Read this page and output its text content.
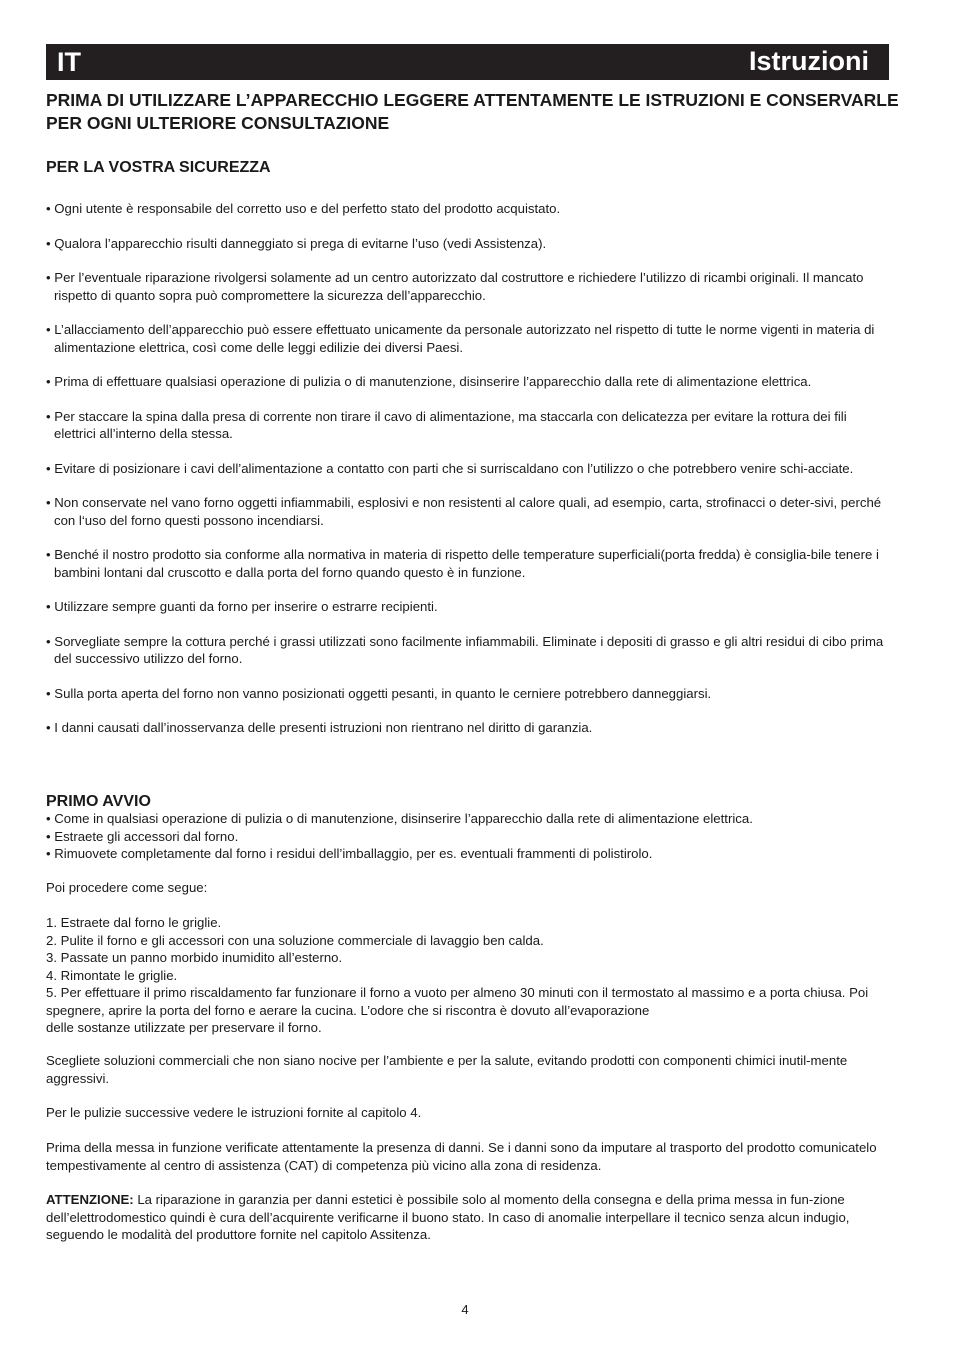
IT	Istruzioni
PRIMA DI UTILIZZARE L’APPARECCHIO LEGGERE ATTENTAMENTE LE ISTRUZIONI E CONSERVARLE PER OGNI ULTERIORE CONSULTAZIONE
PER LA VOSTRA SICUREZZA
• Ogni utente è responsabile del corretto uso e del perfetto stato del prodotto acquistato.
• Qualora l’apparecchio risulti danneggiato si prega di evitarne l’uso (vedi Assistenza).
• Per l’eventuale riparazione rivolgersi solamente ad un centro autorizzato dal costruttore e richiedere l’utilizzo di ricambi originali. Il mancato rispetto di quanto sopra può compromettere la sicurezza dell’apparecchio.
• L’allacciamento dell’apparecchio può essere effettuato unicamente da personale autorizzato nel rispetto di tutte le norme vigenti in materia di alimentazione elettrica, così come delle leggi edilizie dei diversi Paesi.
• Prima di effettuare qualsiasi operazione di pulizia o di manutenzione, disinserire l’apparecchio dalla rete di alimentazione elettrica.
• Per staccare la spina dalla presa di corrente non tirare il cavo di alimentazione, ma staccarla con delicatezza per evitare la rottura dei fili elettrici all’interno della stessa.
• Evitare di posizionare i cavi dell’alimentazione a contatto con parti che si surriscaldano con l’utilizzo o che potrebbero venire schi-acciate.
• Non conservate nel vano forno oggetti infiammabili, esplosivi e non resistenti al calore quali, ad esempio, carta, strofinacci o deter-sivi, perché con l‘uso del forno questi possono incendiarsi.
• Benché il nostro prodotto sia conforme alla normativa in materia di rispetto delle temperature superficiali(porta fredda) è consiglia-bile tenere i bambini lontani dal cruscotto e dalla porta del forno quando questo è in funzione.
• Utilizzare sempre guanti da forno per inserire o estrarre recipienti.
• Sorvegliate sempre la cottura perché i grassi utilizzati sono facilmente infiammabili. Eliminate i depositi di grasso e gli altri residui di cibo prima del successivo utilizzo del forno.
• Sulla porta aperta del forno non vanno posizionati oggetti pesanti, in quanto le cerniere potrebbero danneggiarsi.
• I danni causati dall’inosservanza delle presenti istruzioni non rientrano nel diritto di garanzia.
PRIMO AVVIO
• Come in qualsiasi operazione di pulizia o di manutenzione, disinserire l’apparecchio dalla rete di alimentazione elettrica.
• Estraete gli accessori dal forno.
• Rimuovete completamente dal forno i residui dell’imballaggio, per es. eventuali frammenti di polistirolo.
Poi procedere come segue:
1. Estraete dal forno le griglie.
2. Pulite il forno e gli accessori con una soluzione commerciale di lavaggio ben calda.
3. Passate un panno morbido inumidito all’esterno.
4. Rimontate le griglie.
5. Per effettuare il primo riscaldamento far funzionare il forno a vuoto per almeno 30 minuti con il termostato al massimo e a porta chiusa. Poi spegnere, aprire la porta del forno e aerare la cucina. L’odore che si riscontra è dovuto all’evaporazione
delle sostanze utilizzate per preservare il forno.
Scegliete soluzioni commerciali che non siano nocive per l’ambiente e per la salute, evitando prodotti con componenti chimici inutil-mente aggressivi.
Per le pulizie successive vedere le istruzioni fornite al capitolo 4.
Prima della messa in funzione verificate attentamente la presenza di danni. Se i danni sono da imputare al trasporto del prodotto comunicatelo tempestivamente al centro di assistenza (CAT) di competenza più vicino alla zona di residenza.
ATTENZIONE: La riparazione in garanzia per danni estetici è possibile solo al momento della consegna e della prima messa in fun-zione dell’elettrodomestico quindi è cura dell’acquirente verificarne il buono stato. In caso di anomalie interpellare il tecnico senza alcun indugio, seguendo le modalità del produttore fornite nel capitolo Assitenza.
4
